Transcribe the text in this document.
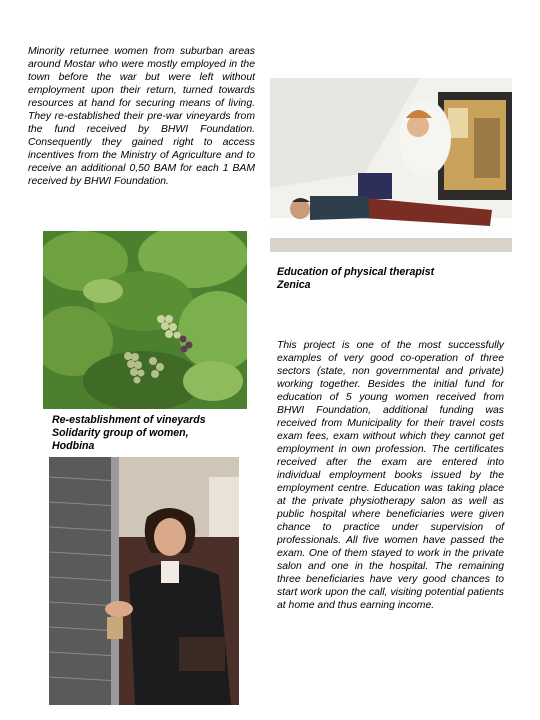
Minority returnee women from suburban areas around Mostar who were mostly employed in the town before the war but were left without employment upon their return, turned towards resources at hand for securing means of living. They re-established their pre-war vineyards from the fund received by BHWI Foundation. Consequently they gained right to access incentives from the Ministry of Agriculture and to receive an additional 0,50 BAM for each 1 BAM received by BHWI Foundation.
Education of physical therapist
Zenica
Re-establishment of vineyards
Solidarity group of women,
Hodbina
This project is one of the most successfully examples of very good co-operation of three sectors (state, non governmental and private) working together. Besides the initial fund for education of 5 young women received from BHWI Foundation, additional funding was received from Municipality for their travel costs exam fees, exam without which they cannot get employment in own profession. The certificates received after the exam are entered into individual employment books issued by the employment centre. Education was taking place at the private physiotherapy salon as well as public hospital where beneficiaries were given chance to practice under supervision of professionals. All five women have passed the exam. One of them stayed to work in the private salon and one in the hospital. The remaining three beneficiaries have very good chances to start work upon the call, visiting potential patients at home and thus earning income.
